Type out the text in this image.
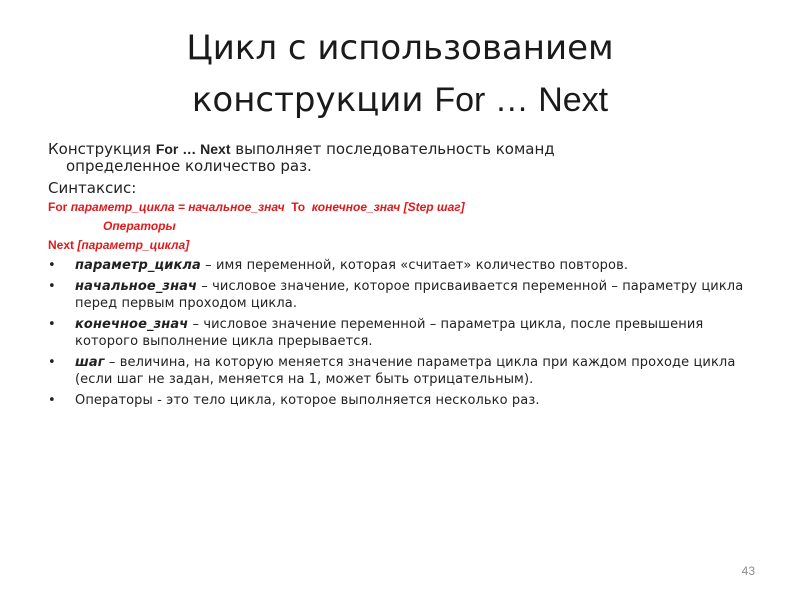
Цикл с использованием
конструкции For … Next

Конструкция For … Next выполняет последовательность команд
определенное количество раз.

Синтаксис:
For параметр_цикла = начальное_знач To конечное_знач [Step шаг]
Операторы
Next [параметр_цикла]
• параметр_цикла – имя переменной, которая «считает» количество повторов.
• начальное_знач – числовое значение, которое присваивается переменной – параметру цикла перед первым проходом цикла.
• конечное_знач – числовое значение переменной – параметра цикла, после превышения которого выполнение цикла прерывается.
• шаг – величина, на которую меняется значение параметра цикла при каждом проходе цикла (если шаг не задан, меняется на 1, может быть отрицательным).
• Операторы - это тело цикла, которое выполняется несколько раз.
43
